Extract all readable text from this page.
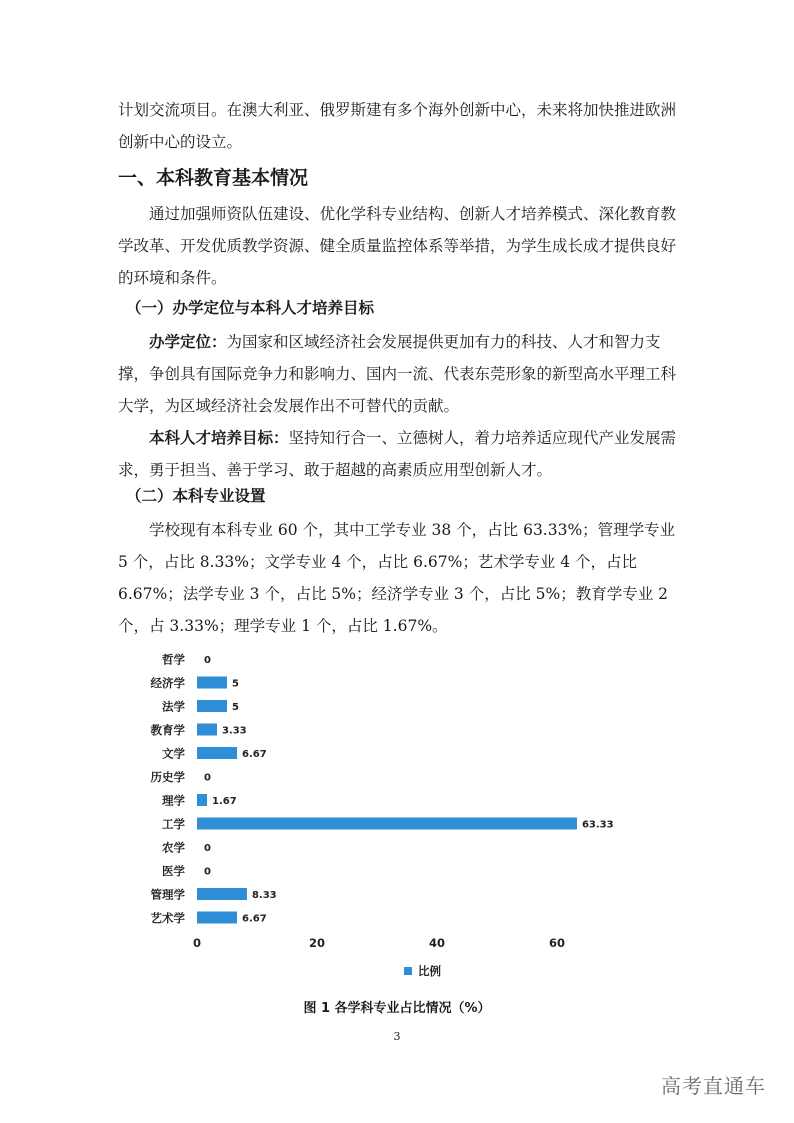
计划交流项目。在澳大利亚、俄罗斯建有多个海外创新中心，未来将加快推进欧洲创新中心的设立。

一、本科教育基本情况

通过加强师资队伍建设、优化学科专业结构、创新人才培养模式、深化教育教学改革、开发优质教学资源、健全质量监控体系等举措，为学生成长成才提供良好的环境和条件。

（一）办学定位与本科人才培养目标

办学定位：为国家和区域经济社会发展提供更加有力的科技、人才和智力支撑，争创具有国际竞争力和影响力、国内一流、代表东莞形象的新型高水平理工科大学，为区域经济社会发展作出不可替代的贡献。

本科人才培养目标：坚持知行合一、立德树人，着力培养适应现代产业发展需求，勇于担当、善于学习、敢于超越的高素质应用型创新人才。

（二）本科专业设置

学校现有本科专业 60 个，其中工学专业 38 个，占比 63.33%；管理学专业 5 个，占比 8.33%；文学专业 4 个，占比 6.67%；艺术学专业 4 个，占比 6.67%；法学专业 3 个，占比 5%；经济学专业 3 个，占比 5%；教育学专业 2 个，占 3.33%；理学专业 1 个，占比 1.67%。

哲学 0
经济学	5
法学	5
教育学	3.33
文学	6.67
历史学 0
理学	1.67
工学	63.33
农学 0
医学 0
管理学	8.33
艺术学	6.67
0	20	40	60
比例
图 1 各学科专业占比情况（%）
3
高考直通车
